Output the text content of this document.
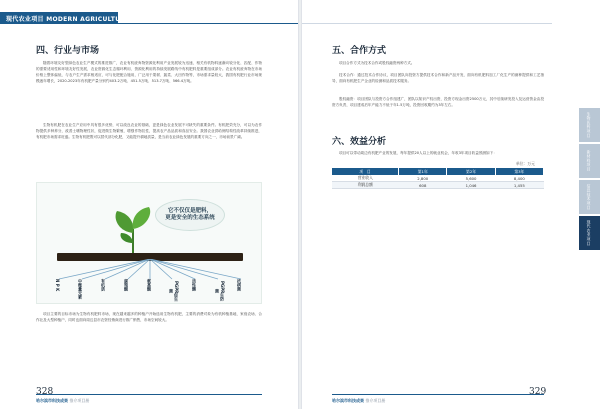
现代农业项目 MODERN AGRICULTURE
四、行业与市场

随着环境友好型绿色农业生产模式的推进推广，农业有机废弃物资源化利用产业发展较为迅速，相关有机物料逐渐向较分化、匹配、作物的需要适用性和环境友好性发展，农业资源化生态循环利用、资源化利用的持续发展路线中有机肥料是重要组成部分。农业有机废弃物在市场价格上整体偏低，与农户生产需求相适应，可与化肥配合施用，广泛用于果树、蔬菜、大田作物等，市场需求量较大，我国有机肥行业市场规模逐年增长，2020-2023年有机肥产量分别约403.2万吨、451.5万吨、513.7万吨、566.4万吨。

生物有机肥在农业生产应用中具有很多优势，可以改良农业的基础，更是绿色农业发展不可缺失的重要条件。有机肥效充分，可以为农作物提供多种养分，改善土壤物理性状，促进微生物繁殖，增强作物抗性，提高农产品品质和食品安全。我国农业供给侧结构性改革持续推进，有机肥市场需求旺盛。生物有机肥既可以替代部分化肥，又能提升耕地质量，是当前农业绿色发展的重要方向之一，市场前景广阔。

它不仅仅是肥料，
更是安全的生态系统
N P K	中微量元素	有机质	腐殖酸	氨基酸	PGPR促生菌	活性酶	PGPR生防菌	抗病菌

项目主要的目标市场为生物有机肥料市场，现在越来越多的种植户开始选用生物有机肥，主要的消费对象为有机种植基地、家庭农场、合作社及大型种植户，同时也面向周边县市农资经销商进行推广销售，市场空间较大。

328
哈尔滨市科技成果 推介项目册
五、合作方式

项目合作方式为技术合作或股权融资两种方式。

技术合作：通过技术合作协议，项目团队向投资方提供技术合作和新产品开发，面向有机肥料加工厂化生产的菌种提供和工艺指导，面向有机肥生产企业的检测和品质技术服务。

股权融资：项目团队与投资方合作组建广，团队以知识产权出资，投资方现金出资2500万元，其中后续研发投入及运营资金由投资方负责，项目建成后年产能力不低于年1.5万吨，投资回收期约为3年左右。

六、效益分析

项目可以带动周边有机肥产业的发展，每年提供20人以上的就业机会，年收3年项目收益预测如下：

单位：万元
项　目	第1年	第2年	第3年
营业收入	2,800	5,600	8,400
利润总额	608	1,046	1,455
329
哈尔滨市科技成果 推介项目册
生物医药项目
新材料项目
信息技术项目
现代农业项目
